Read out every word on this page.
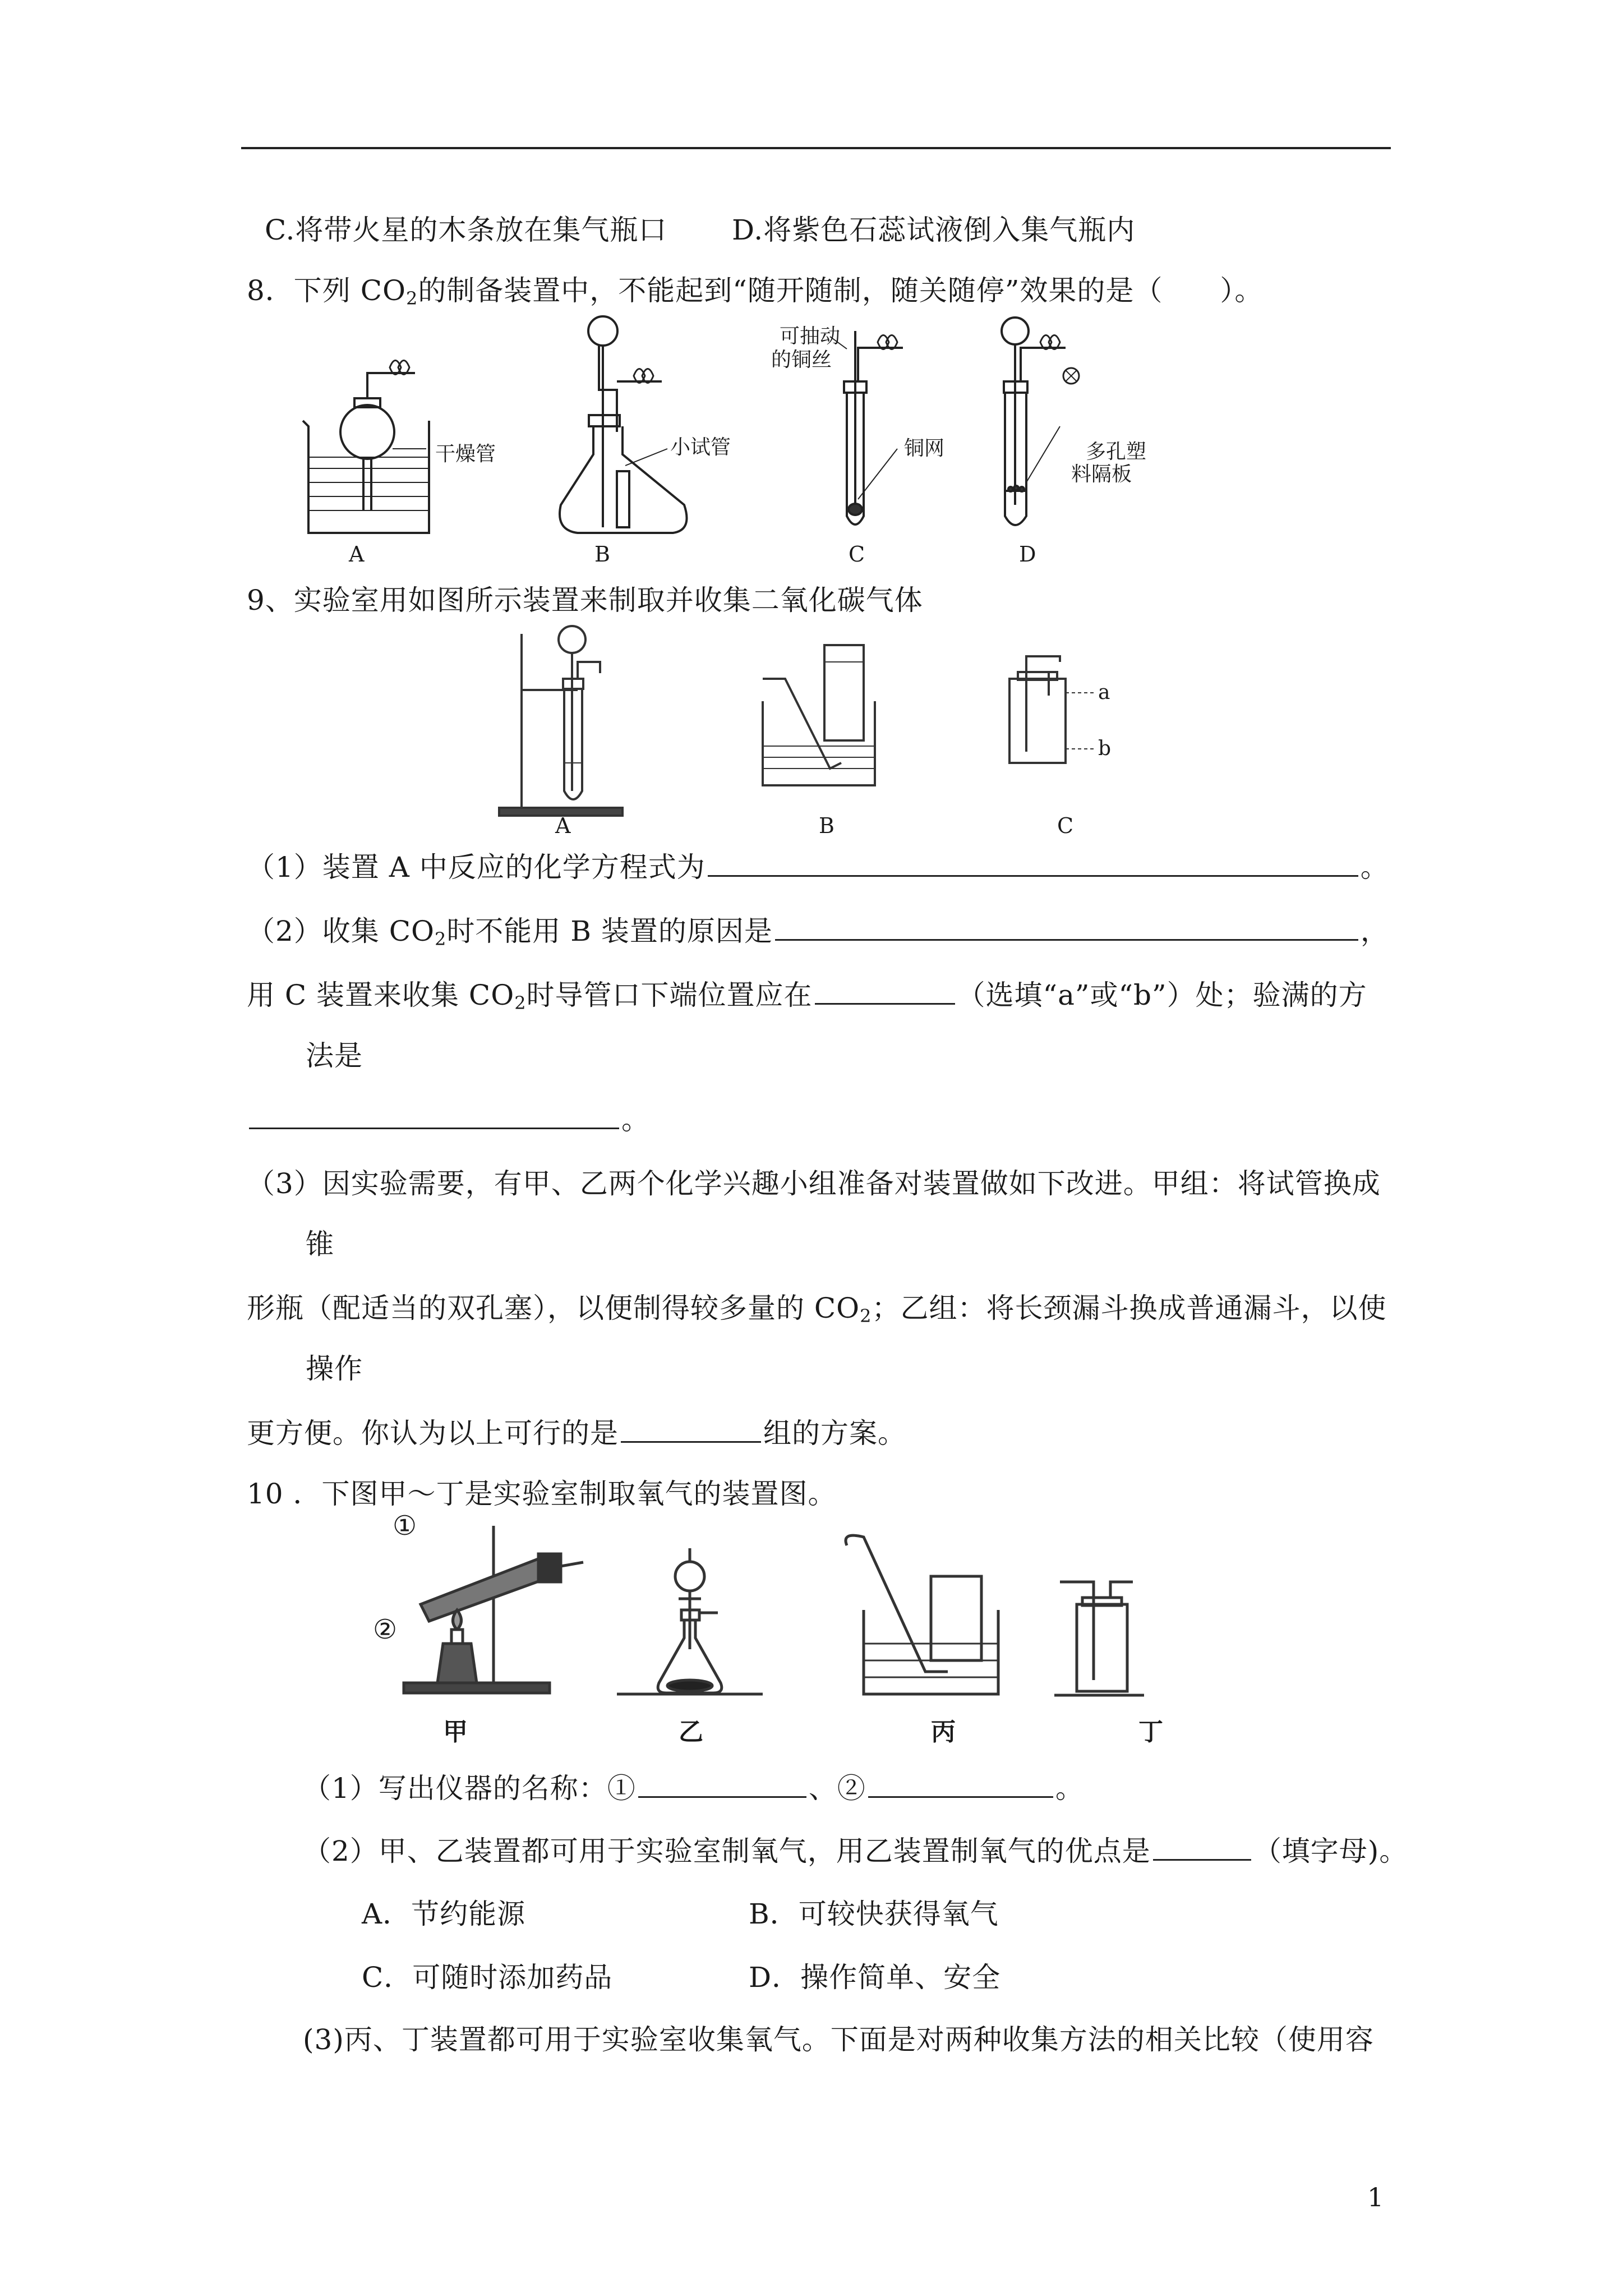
C.将带火星的木条放在集气瓶口 D.将紫色石蕊试液倒入集气瓶内
8．下列 $CO_2$的制备装置中，不能起到“随开随制，随关随停”效果的是（　　）。
干燥管	小试管
可抽动
的铜丝
铜网	多孔塑
料隔板
A	B	C	D
9、实验室用如图所示装置来制取并收集二氧化碳气体
a
b
A	B	C
（1）装置 A 中反应的化学方程式为	。
（2）收集 $CO_2$时不能用 B 装置的原因是	，
用 C 装置来收集 $CO_2$时导管口下端位置应在	（选填“a”或“b”）处；验满的方
法是
。
（3）因实验需要，有甲、乙两个化学兴趣小组准备对装置做如下改进。甲组：将试管换成
锥
形瓶（配适当的双孔塞），以便制得较多量的 $CO_2$；乙组：将长颈漏斗换成普通漏斗，以使
操作
更方便。你认为以上可行的是	组的方案。
10 ．下图甲～丁是实验室制取氧气的装置图。
①
②
甲	乙	丙	丁
（1）写出仪器的名称：①	、②	。
（2）甲、乙装置都可用于实验室制氧气，用乙装置制氧气的优点是	（填字母)。
A．节约能源	B．可较快获得氧气
C．可随时添加药品	D．操作简单、安全
(3)丙、丁装置都可用于实验室收集氧气。下面是对两种收集方法的相关比较（使用容
1
